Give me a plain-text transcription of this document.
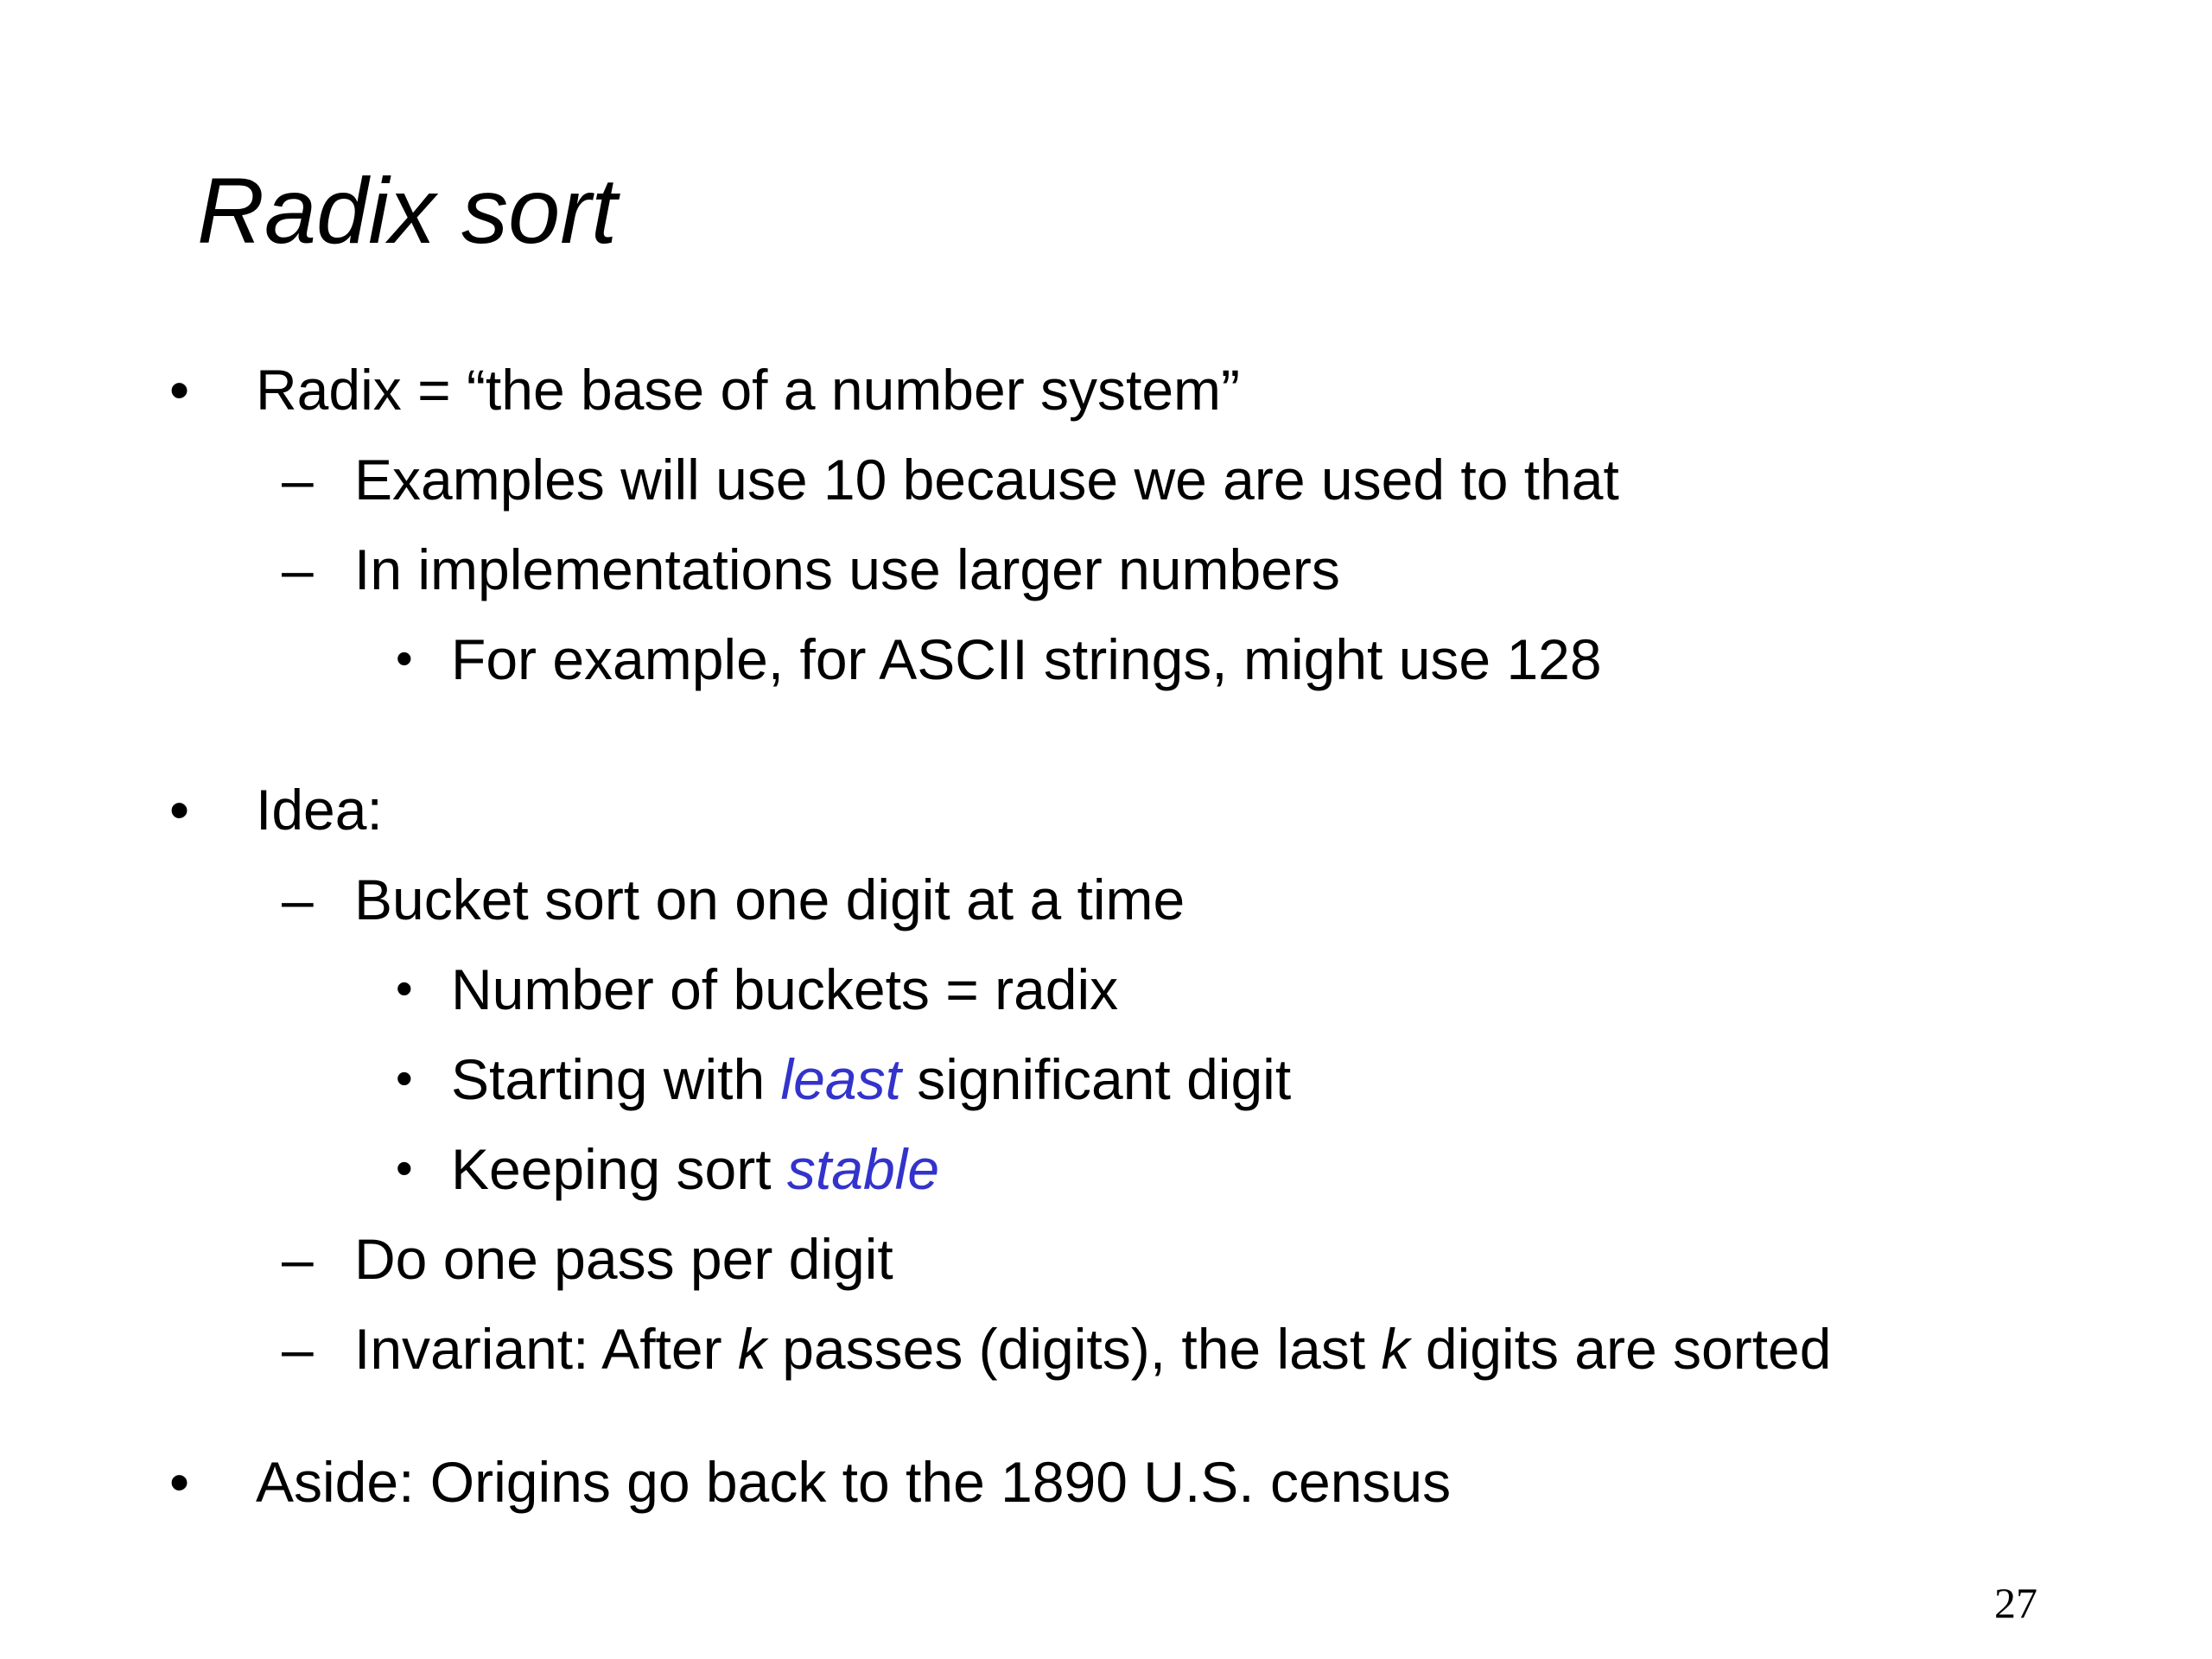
Radix sort
• Radix = “the base of a number system”
– Examples will use 10 because we are used to that
– In implementations use larger numbers
• For example, for ASCII strings, might use 128
• Idea:
– Bucket sort on one digit at a time
• Number of buckets = radix
• Starting with least significant digit
• Keeping sort stable
– Do one pass per digit
– Invariant: After k passes (digits), the last k digits are sorted
• Aside: Origins go back to the 1890 U.S. census
27
